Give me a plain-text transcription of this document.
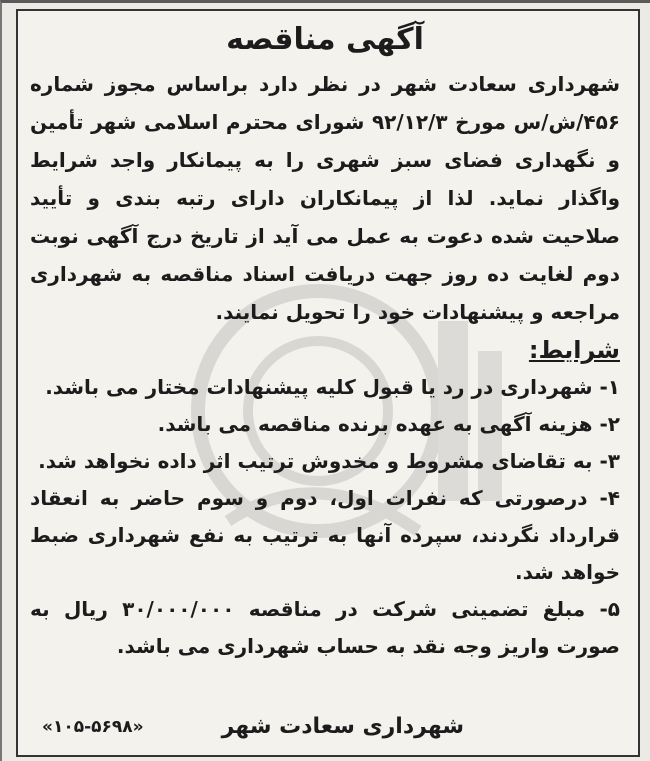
آگهی مناقصه

شهرداری سعادت شهر در نظر دارد براساس مجوز شماره ۴۵۶/ش/س مورخ ۹۲/۱۲/۳ شورای محترم اسلامی شهر تأمین و نگهداری فضای سبز شهری را به پیمانکار واجد شرایط واگذار نماید. لذا از پیمانکاران دارای رتبه بندی و تأیید صلاحیت شده دعوت به عمل می آید از تاریخ درج آگهی نوبت دوم لغایت ده روز جهت دریافت اسناد مناقصه به شهرداری مراجعه و پیشنهادات خود را تحویل نمایند.

شرایط:

۱- شهرداری در رد یا قبول کلیه پیشنهادات مختار می باشد.

۲- هزینه آگهی به عهده برنده مناقصه می باشد.

۳- به تقاضای مشروط و مخدوش ترتیب اثر داده نخواهد شد.

۴- درصورتی که نفرات اول، دوم و سوم حاضر به انعقاد قرارداد نگردند، سپرده آنها به ترتیب به نفع شهرداری ضبط خواهد شد.

۵- مبلغ تضمینی شرکت در مناقصه ۳۰/۰۰۰/۰۰۰ ریال به صورت واریز وجه نقد به حساب شهرداری می باشد.

شهرداری سعادت شهر
«۱۰۵-۵۶۹۸»
